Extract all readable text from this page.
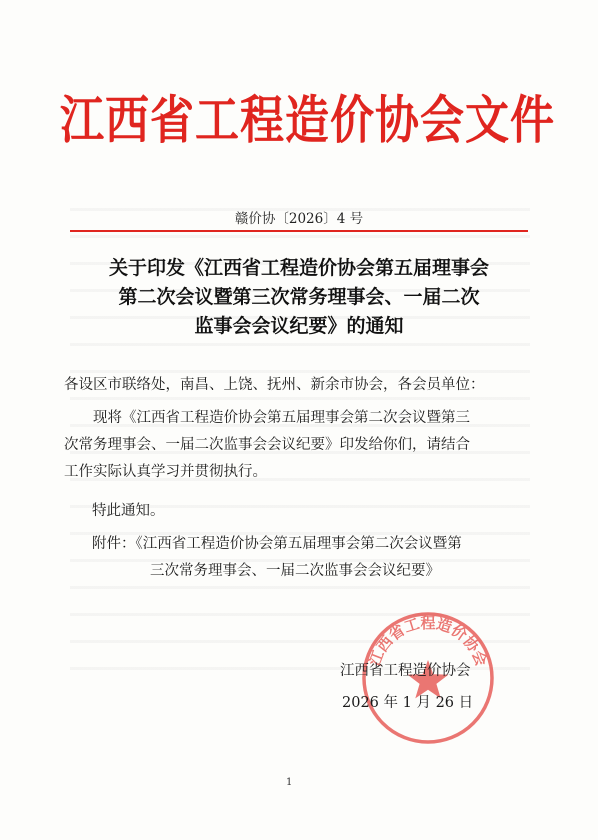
江西省工程造价协会文件
赣价协〔2026〕4 号
关于印发《江西省工程造价协会第五届理事会
第二次会议暨第三次常务理事会、一届二次
监事会会议纪要》的通知
各设区市联络处，南昌、上饶、抚州、新余市协会，各会员单位：
现将《江西省工程造价协会第五届理事会第二次会议暨第三
次常务理事会、一届二次监事会会议纪要》印发给你们，请结合
工作实际认真学习并贯彻执行。
特此通知。
附件：《江西省工程造价协会第五届理事会第二次会议暨第
三次常务理事会、一届二次监事会会议纪要》
江西省工程造价协会
江西省工程造价协会
2026 年 1 月 26 日
1
